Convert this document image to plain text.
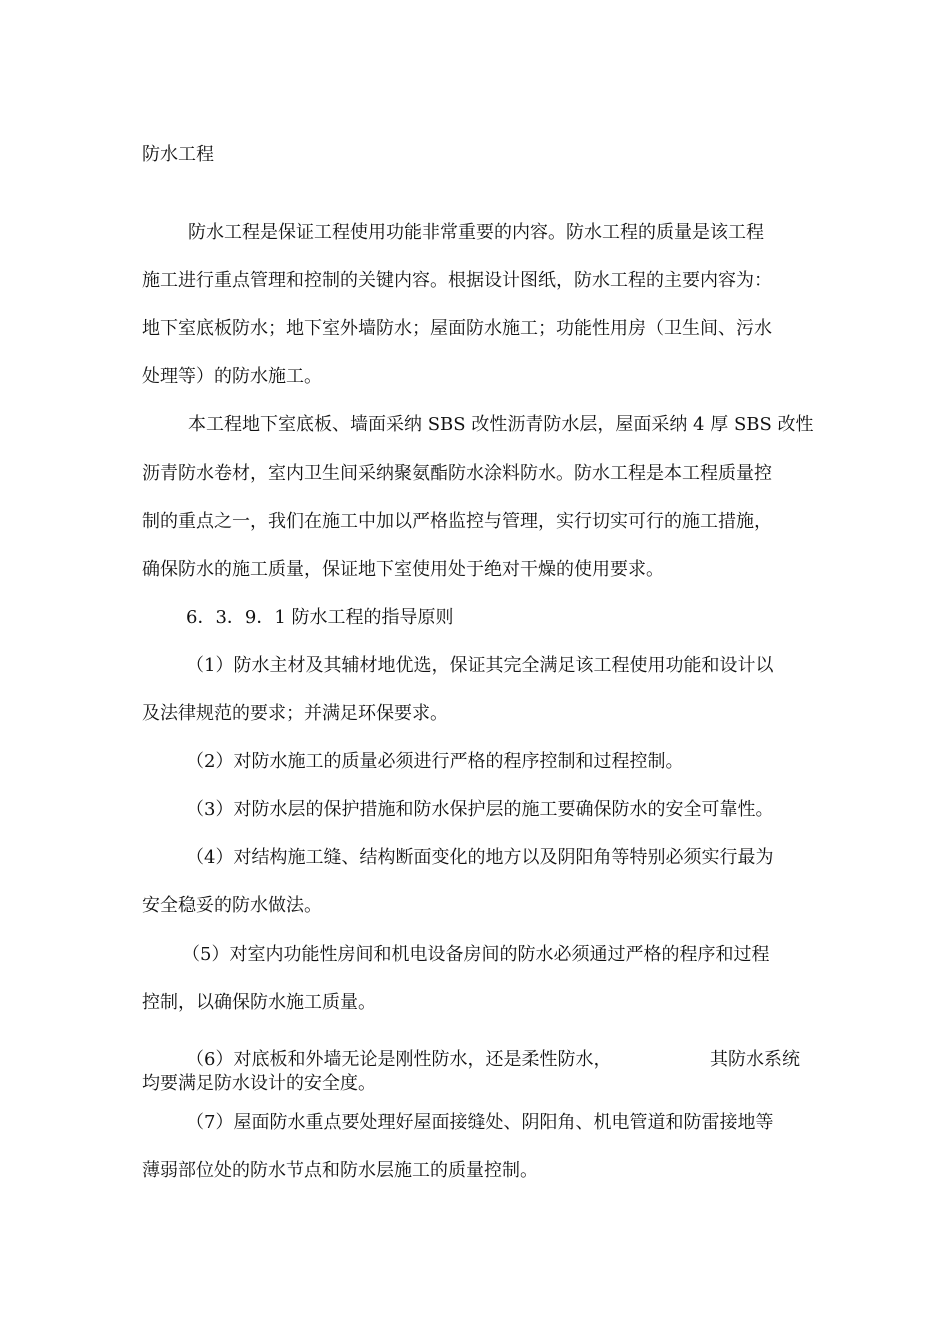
防水工程

防水工程是保证工程使用功能非常重要的内容。防水工程的质量是该工程

施工进行重点管理和控制的关键内容。根据设计图纸，防水工程的主要内容为：

地下室底板防水；地下室外墙防水；屋面防水施工；功能性用房（卫生间、污水

处理等）的防水施工。

本工程地下室底板、墙面采纳 SBS 改性沥青防水层，屋面采纳 4 厚 SBS 改性

沥青防水卷材，室内卫生间采纳聚氨酯防水涂料防水。防水工程是本工程质量控

制的重点之一，我们在施工中加以严格监控与管理，实行切实可行的施工措施，

确保防水的施工质量，保证地下室使用处于绝对干燥的使用要求。

6．3．9．1 防水工程的指导原则

（1）防水主材及其辅材地优选，保证其完全满足该工程使用功能和设计以

及法律规范的要求；并满足环保要求。

（2）对防水施工的质量必须进行严格的程序控制和过程控制。

（3）对防水层的保护措施和防水保护层的施工要确保防水的安全可靠性。

（4）对结构施工缝、结构断面变化的地方以及阴阳角等特别必须实行最为

安全稳妥的防水做法。

（5）对室内功能性房间和机电设备房间的防水必须通过严格的程序和过程

控制，以确保防水施工质量。

（6）对底板和外墙无论是刚性防水，还是柔性防水，	其防水系统

均要满足防水设计的安全度。

（7）屋面防水重点要处理好屋面接缝处、阴阳角、机电管道和防雷接地等

薄弱部位处的防水节点和防水层施工的质量控制。
